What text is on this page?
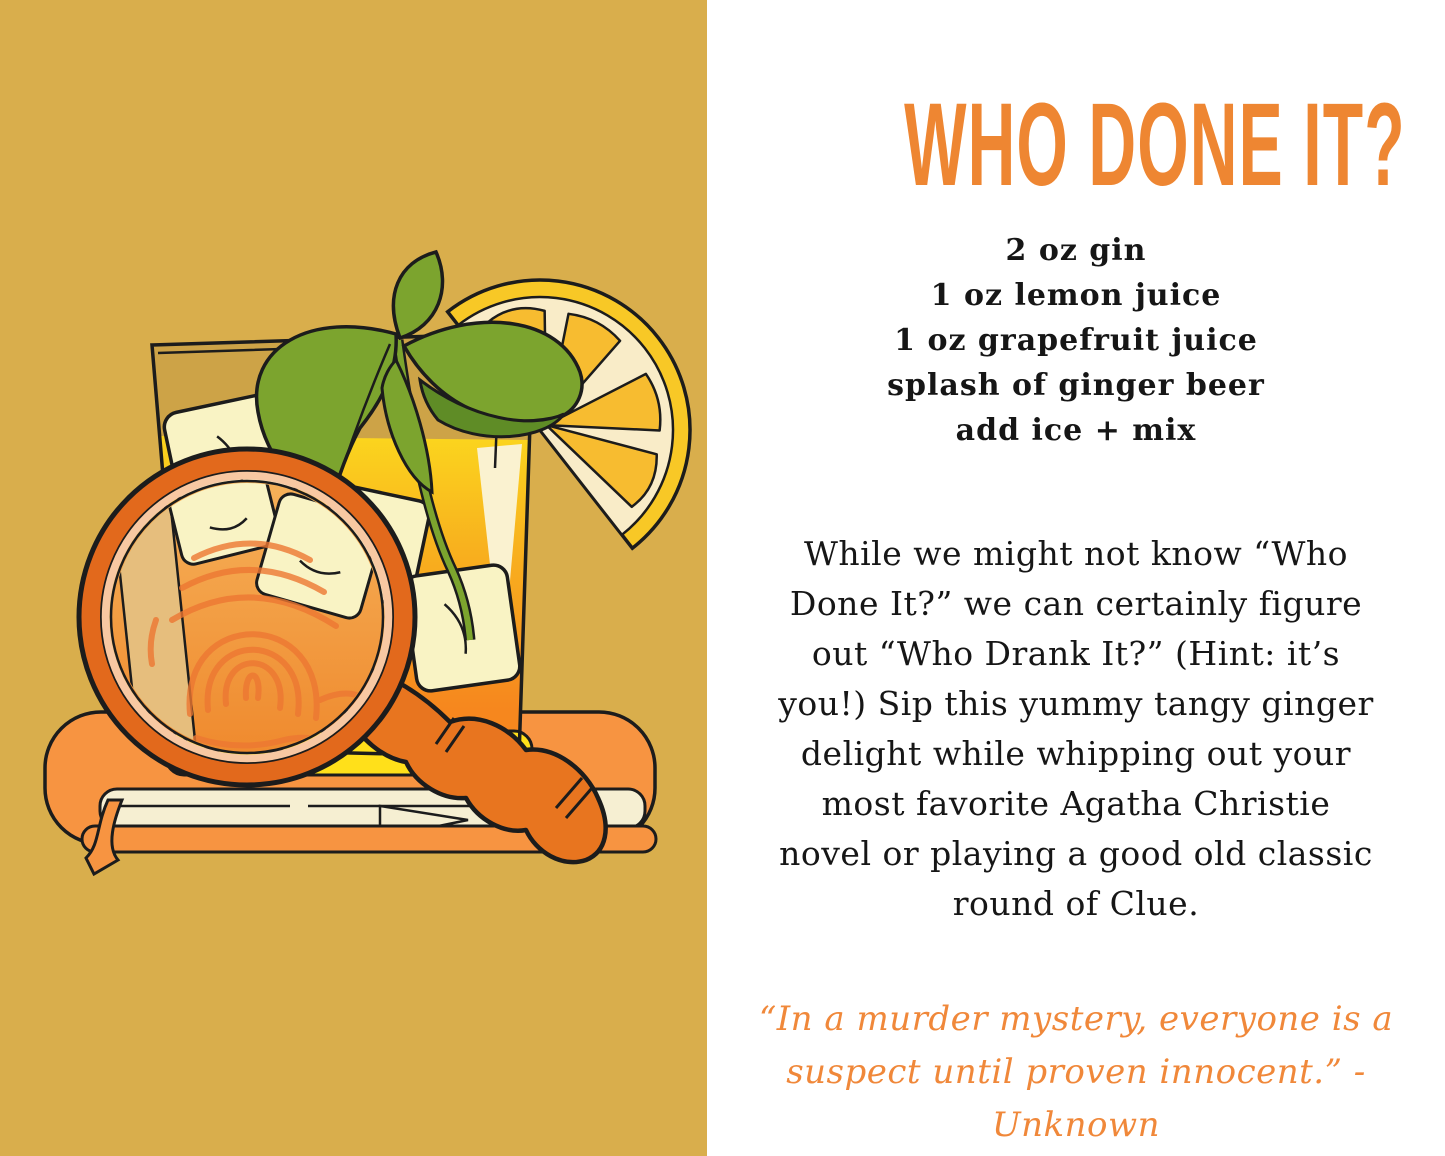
WHO DONE IT?
2 oz gin
1 oz lemon juice
1 oz grapefruit juice
splash of ginger beer
add ice + mix

While we might not know “Who Done It?” we can certainly figure out “Who Drank It?” (Hint: it’s you!) Sip this yummy tangy ginger delight while whipping out your most favorite Agatha Christie novel or playing a good old classic round of Clue.

“In a murder mystery, everyone is a suspect until proven innocent.” - Unknown
